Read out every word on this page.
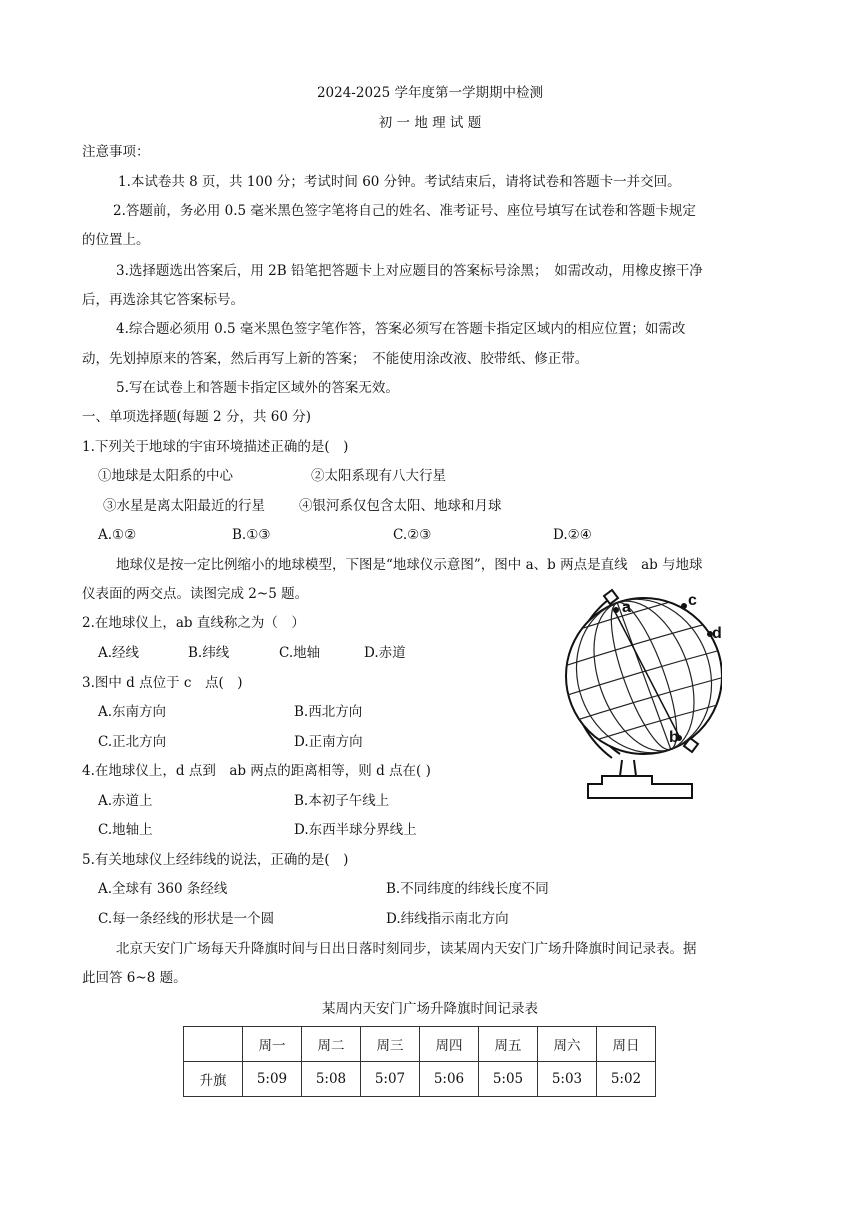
2024-2025 学年度第一学期期中检测
初 一 地 理 试 题
注意事项：
1.本试卷共 8 页，共 100 分；考试时间 60 分钟。考试结束后，请将试卷和答题卡一并交回。
2.答题前，务必用 0.5 毫米黑色签字笔将自己的姓名、准考证号、座位号填写在试卷和答题卡规定
的位置上。
3.选择题选出答案后，用 2B 铅笔把答题卡上对应题目的答案标号涂黑；　如需改动，用橡皮擦干净
后，再选涂其它答案标号。
4.综合题必须用 0.5 毫米黑色签字笔作答，答案必须写在答题卡指定区域内的相应位置；如需改
动，先划掉原来的答案，然后再写上新的答案；　不能使用涂改液、胶带纸、修正带。
5.写在试卷上和答题卡指定区域外的答案无效。
一、单项选择题(每题 2 分，共 60 分)
1.下列关于地球的宇宙环境描述正确的是(　)
①地球是太阳系的中心	②太阳系现有八大行星
③水星是离太阳最近的行星	④银河系仅包含太阳、地球和月球
A.①②	B.①③	C.②③	D.②④
地球仪是按一定比例缩小的地球模型，下图是“地球仪示意图”，图中 a、b 两点是直线　ab 与地球
仪表面的两交点。读图完成 2~5 题。
2.在地球仪上，ab 直线称之为（　）
A.经线	B.纬线	C.地轴	D.赤道
3.图中 d 点位于 c　点(　)
A.东南方向	B.西北方向
C.正北方向	D.正南方向
4.在地球仪上，d 点到　ab 两点的距离相等，则 d 点在( )
A.赤道上	B.本初子午线上
C.地轴上	D.东西半球分界线上
5.有关地球仪上经纬线的说法，正确的是(　)
A.全球有 360 条经线	B.不同纬度的纬线长度不同
C.每一条经线的形状是一个圆	D.纬线指示南北方向
北京天安门广场每天升降旗时间与日出日落时刻同步，读某周内天安门广场升降旗时间记录表。据
此回答 6~8 题。
某周内天安门广场升降旗时间记录表
	周一	周二	周三	周四	周五	周六	周日
升旗	5:09	5:08	5:07	5:06	5:05	5:03	5:02
a	c
d
b
